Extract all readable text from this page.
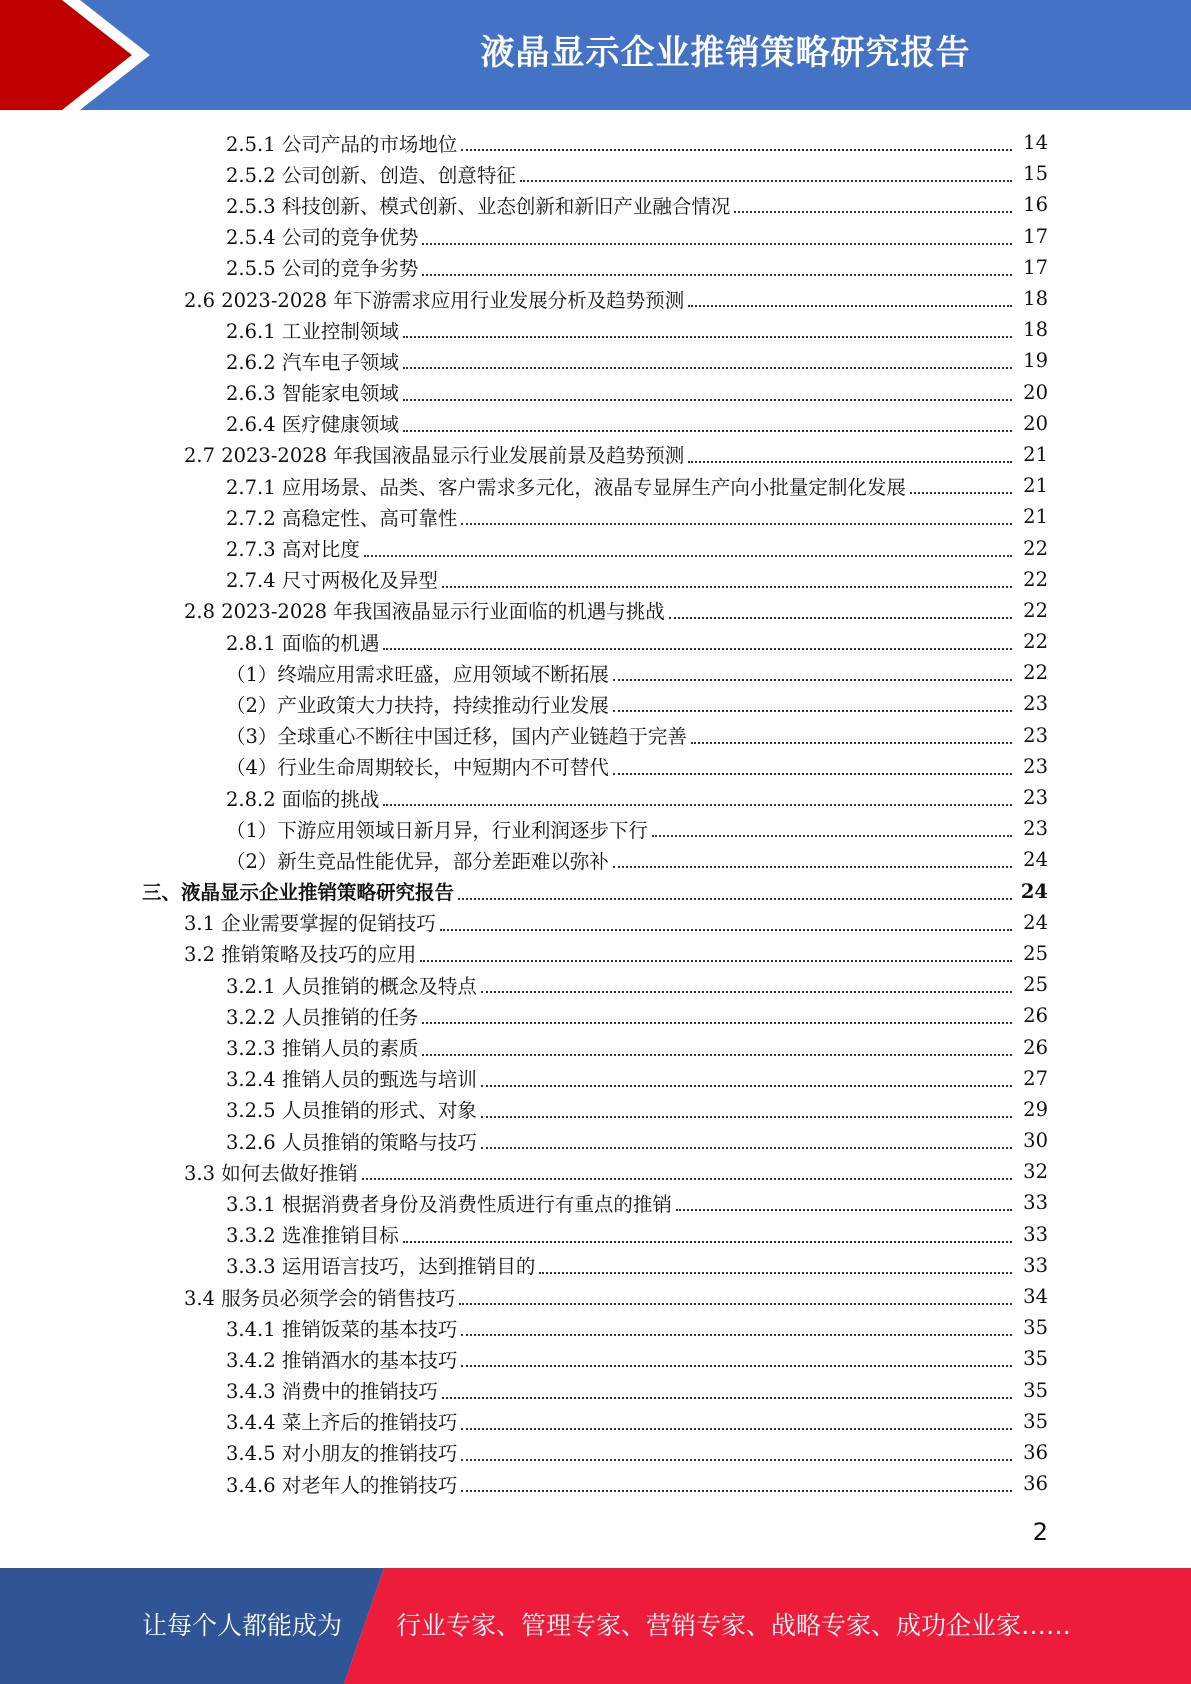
液晶显示企业推销策略研究报告
2.5.1 公司产品的市场地位	14
2.5.2 公司创新、创造、创意特征	15
2.5.3 科技创新、模式创新、业态创新和新旧产业融合情况	16
2.5.4 公司的竞争优势	17
2.5.5 公司的竞争劣势	17
2.6 2023-2028 年下游需求应用行业发展分析及趋势预测	18
2.6.1 工业控制领域	18
2.6.2 汽车电子领域	19
2.6.3 智能家电领域	20
2.6.4 医疗健康领域	20
2.7 2023-2028 年我国液晶显示行业发展前景及趋势预测	21
2.7.1 应用场景、品类、客户需求多元化，液晶专显屏生产向小批量定制化发展	21
2.7.2 高稳定性、高可靠性	21
2.7.3 高对比度	22
2.7.4 尺寸两极化及异型	22
2.8 2023-2028 年我国液晶显示行业面临的机遇与挑战	22
2.8.1 面临的机遇	22
（1）终端应用需求旺盛，应用领域不断拓展	22
（2）产业政策大力扶持，持续推动行业发展	23
（3）全球重心不断往中国迁移，国内产业链趋于完善	23
（4）行业生命周期较长，中短期内不可替代	23
2.8.2 面临的挑战	23
（1）下游应用领域日新月异，行业利润逐步下行	23
（2）新生竞品性能优异，部分差距难以弥补	24
三、液晶显示企业推销策略研究报告	24
3.1 企业需要掌握的促销技巧	24
3.2 推销策略及技巧的应用	25
3.2.1 人员推销的概念及特点	25
3.2.2 人员推销的任务	26
3.2.3 推销人员的素质	26
3.2.4 推销人员的甄选与培训	27
3.2.5 人员推销的形式、对象	29
3.2.6 人员推销的策略与技巧	30
3.3 如何去做好推销	32
3.3.1 根据消费者身份及消费性质进行有重点的推销	33
3.3.2 选准推销目标	33
3.3.3 运用语言技巧，达到推销目的	33
3.4 服务员必须学会的销售技巧	34
3.4.1 推销饭菜的基本技巧	35
3.4.2 推销酒水的基本技巧	35
3.4.3 消费中的推销技巧	35
3.4.4 菜上齐后的推销技巧	35
3.4.5 对小朋友的推销技巧	36
3.4.6 对老年人的推销技巧	36
2
让每个人都能成为 行业专家、管理专家、营销专家、战略专家、成功企业家……
